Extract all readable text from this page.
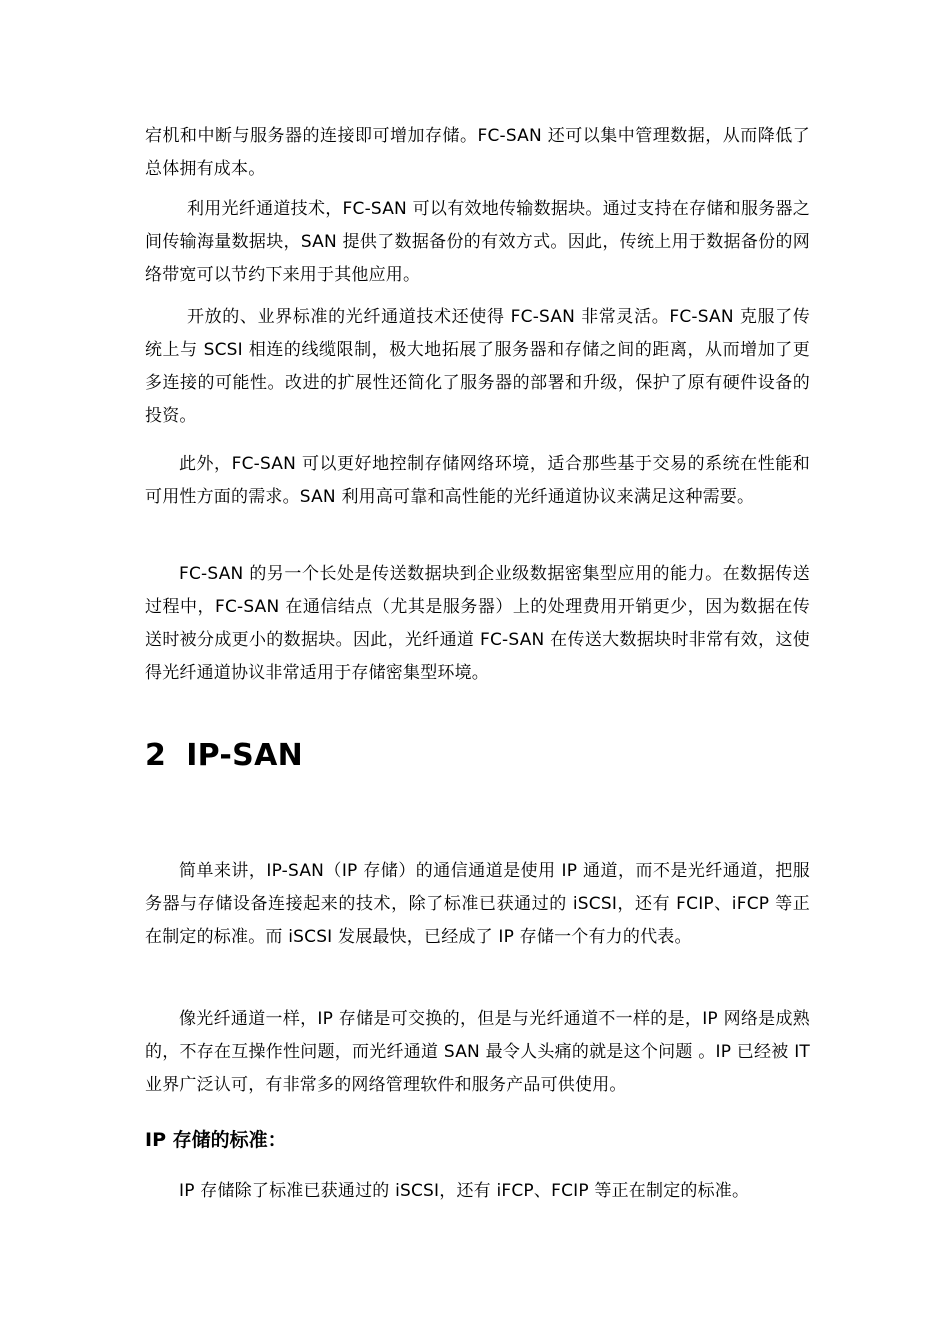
宕机和中断与服务器的连接即可增加存储。FC-SAN 还可以集中管理数据，从而降低了总体拥有成本。

利用光纤通道技术，FC-SAN 可以有效地传输数据块。通过支持在存储和服务器之间传输海量数据块，SAN 提供了数据备份的有效方式。因此，传统上用于数据备份的网络带宽可以节约下来用于其他应用。

开放的、业界标准的光纤通道技术还使得 FC-SAN 非常灵活。FC-SAN 克服了传统上与 SCSI 相连的线缆限制，极大地拓展了服务器和存储之间的距离，从而增加了更多连接的可能性。改进的扩展性还简化了服务器的部署和升级，保护了原有硬件设备的投资。

此外，FC-SAN 可以更好地控制存储网络环境，适合那些基于交易的系统在性能和可用性方面的需求。SAN 利用高可靠和高性能的光纤通道协议来满足这种需要。

FC-SAN 的另一个长处是传送数据块到企业级数据密集型应用的能力。在数据传送过程中，FC-SAN 在通信结点（尤其是服务器）上的处理费用开销更少，因为数据在传送时被分成更小的数据块。因此，光纤通道 FC-SAN 在传送大数据块时非常有效，这使得光纤通道协议非常适用于存储密集型环境。

2 IP-SAN

简单来讲，IP-SAN（IP 存储）的通信通道是使用 IP 通道，而不是光纤通道，把服务器与存储设备连接起来的技术，除了标准已获通过的 iSCSI，还有 FCIP、iFCP 等正在制定的标准。而 iSCSI 发展最快，已经成了 IP 存储一个有力的代表。

像光纤通道一样，IP 存储是可交换的，但是与光纤通道不一样的是，IP 网络是成熟的，不存在互操作性问题，而光纤通道 SAN 最令人头痛的就是这个问题 。IP 已经被 IT 业界广泛认可，有非常多的网络管理软件和服务产品可供使用。

IP 存储的标准：

IP 存储除了标准已获通过的 iSCSI，还有 iFCP、FCIP 等正在制定的标准。
